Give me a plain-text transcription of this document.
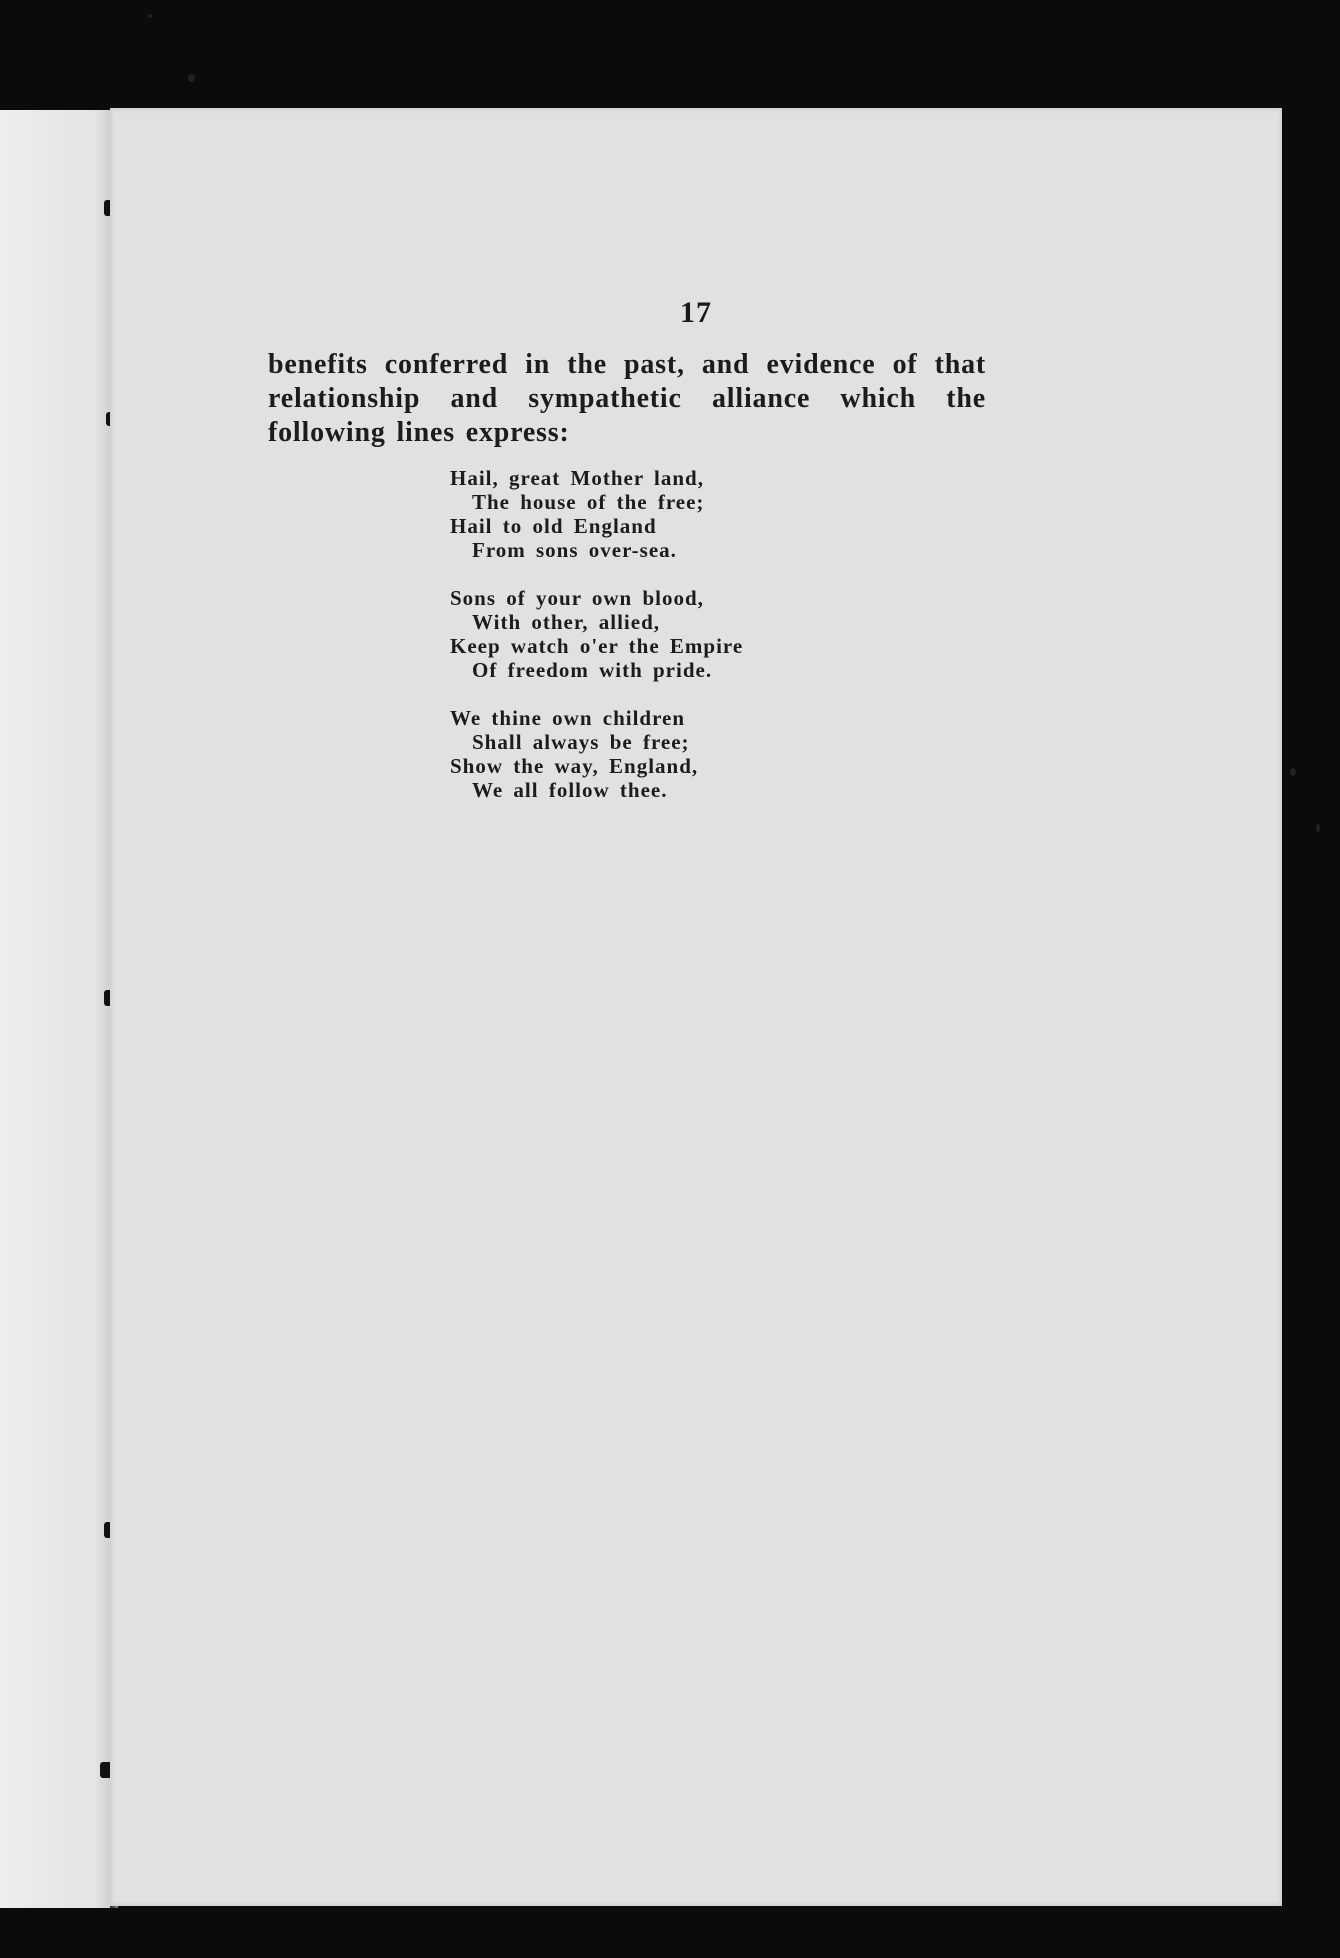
17
benefits conferred in the past, and evidence of that relationship and sympathetic alliance which the following lines express:
Hail, great Mother land,
The house of the free;
Hail to old England
From sons over-sea.
Sons of your own blood,
With other, allied,
Keep watch o'er the Empire
Of freedom with pride.
We thine own children
Shall always be free;
Show the way, England,
We all follow thee.
